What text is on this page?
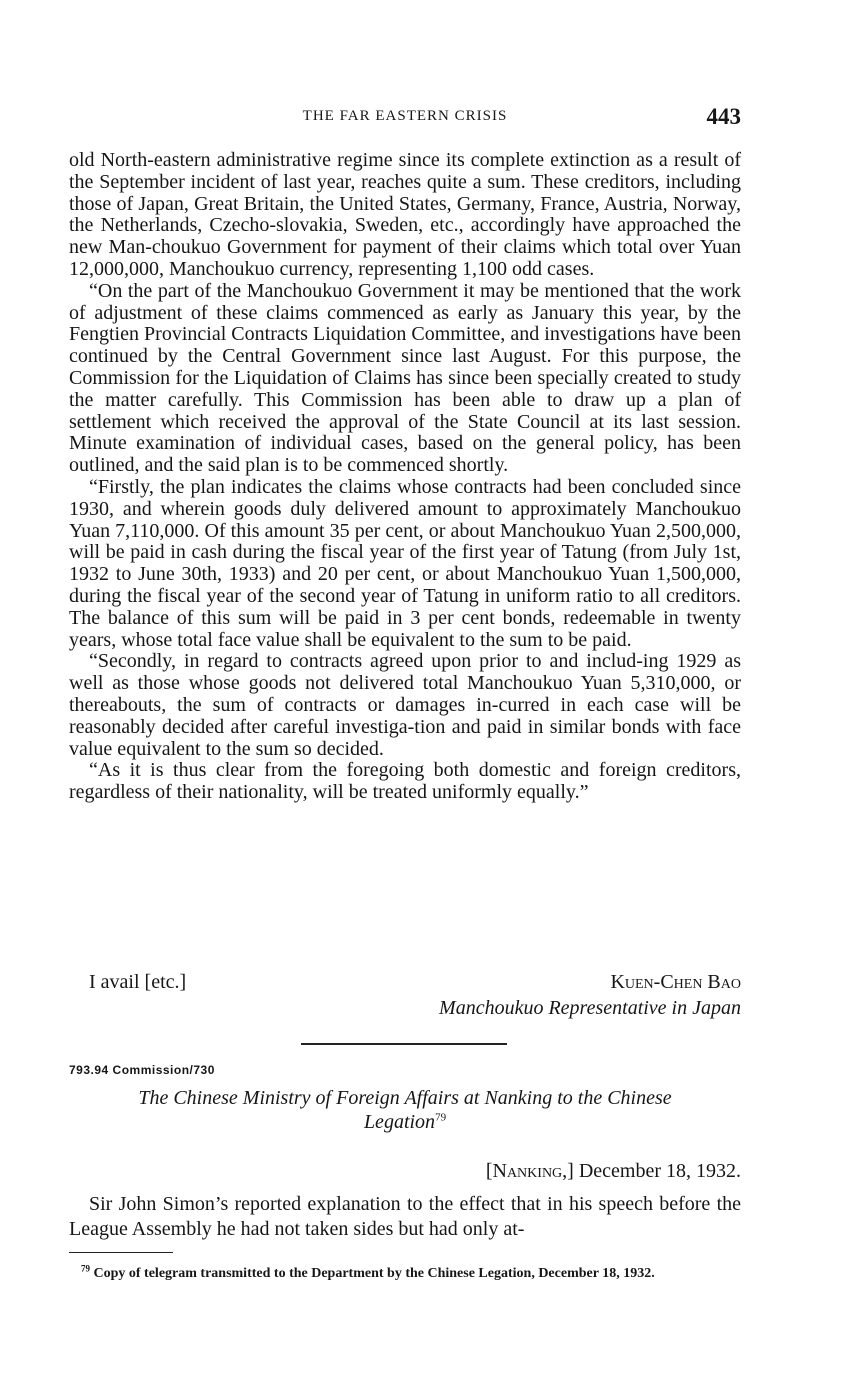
THE FAR EASTERN CRISIS	443

old North-eastern administrative regime since its complete extinction as a result of the September incident of last year, reaches quite a sum. These creditors, including those of Japan, Great Britain, the United States, Germany, France, Austria, Norway, the Netherlands, Czecho-slovakia, Sweden, etc., accordingly have approached the new Man-choukuo Government for payment of their claims which total over Yuan 12,000,000, Manchoukuo currency, representing 1,100 odd cases.

“On the part of the Manchoukuo Government it may be mentioned that the work of adjustment of these claims commenced as early as January this year, by the Fengtien Provincial Contracts Liquidation Committee, and investigations have been continued by the Central Government since last August. For this purpose, the Commission for the Liquidation of Claims has since been specially created to study the matter carefully. This Commission has been able to draw up a plan of settlement which received the approval of the State Council at its last session. Minute examination of individual cases, based on the general policy, has been outlined, and the said plan is to be commenced shortly.

“Firstly, the plan indicates the claims whose contracts had been concluded since 1930, and wherein goods duly delivered amount to approximately Manchoukuo Yuan 7,110,000. Of this amount 35 per cent, or about Manchoukuo Yuan 2,500,000, will be paid in cash during the fiscal year of the first year of Tatung (from July 1st, 1932 to June 30th, 1933) and 20 per cent, or about Manchoukuo Yuan 1,500,000, during the fiscal year of the second year of Tatung in uniform ratio to all creditors. The balance of this sum will be paid in 3 per cent bonds, redeemable in twenty years, whose total face value shall be equivalent to the sum to be paid.

“Secondly, in regard to contracts agreed upon prior to and includ-ing 1929 as well as those whose goods not delivered total Manchoukuo Yuan 5,310,000, or thereabouts, the sum of contracts or damages in-curred in each case will be reasonably decided after careful investiga-tion and paid in similar bonds with face value equivalent to the sum so decided.

“As it is thus clear from the foregoing both domestic and foreign creditors, regardless of their nationality, will be treated uniformly equally.”

I avail [etc.]	Kuen-Chen Bao
Manchoukuo Representative in Japan
793.94 Commission/730
The Chinese Ministry of Foreign Affairs at Nanking to the Chinese Legation$^{79}$
[Nanking,] December 18, 1932.
Sir John Simon’s reported explanation to the effect that in his speech before the League Assembly he had not taken sides but had only at-
$^{79}$ Copy of telegram transmitted to the Department by the Chinese Legation, December 18, 1932.
